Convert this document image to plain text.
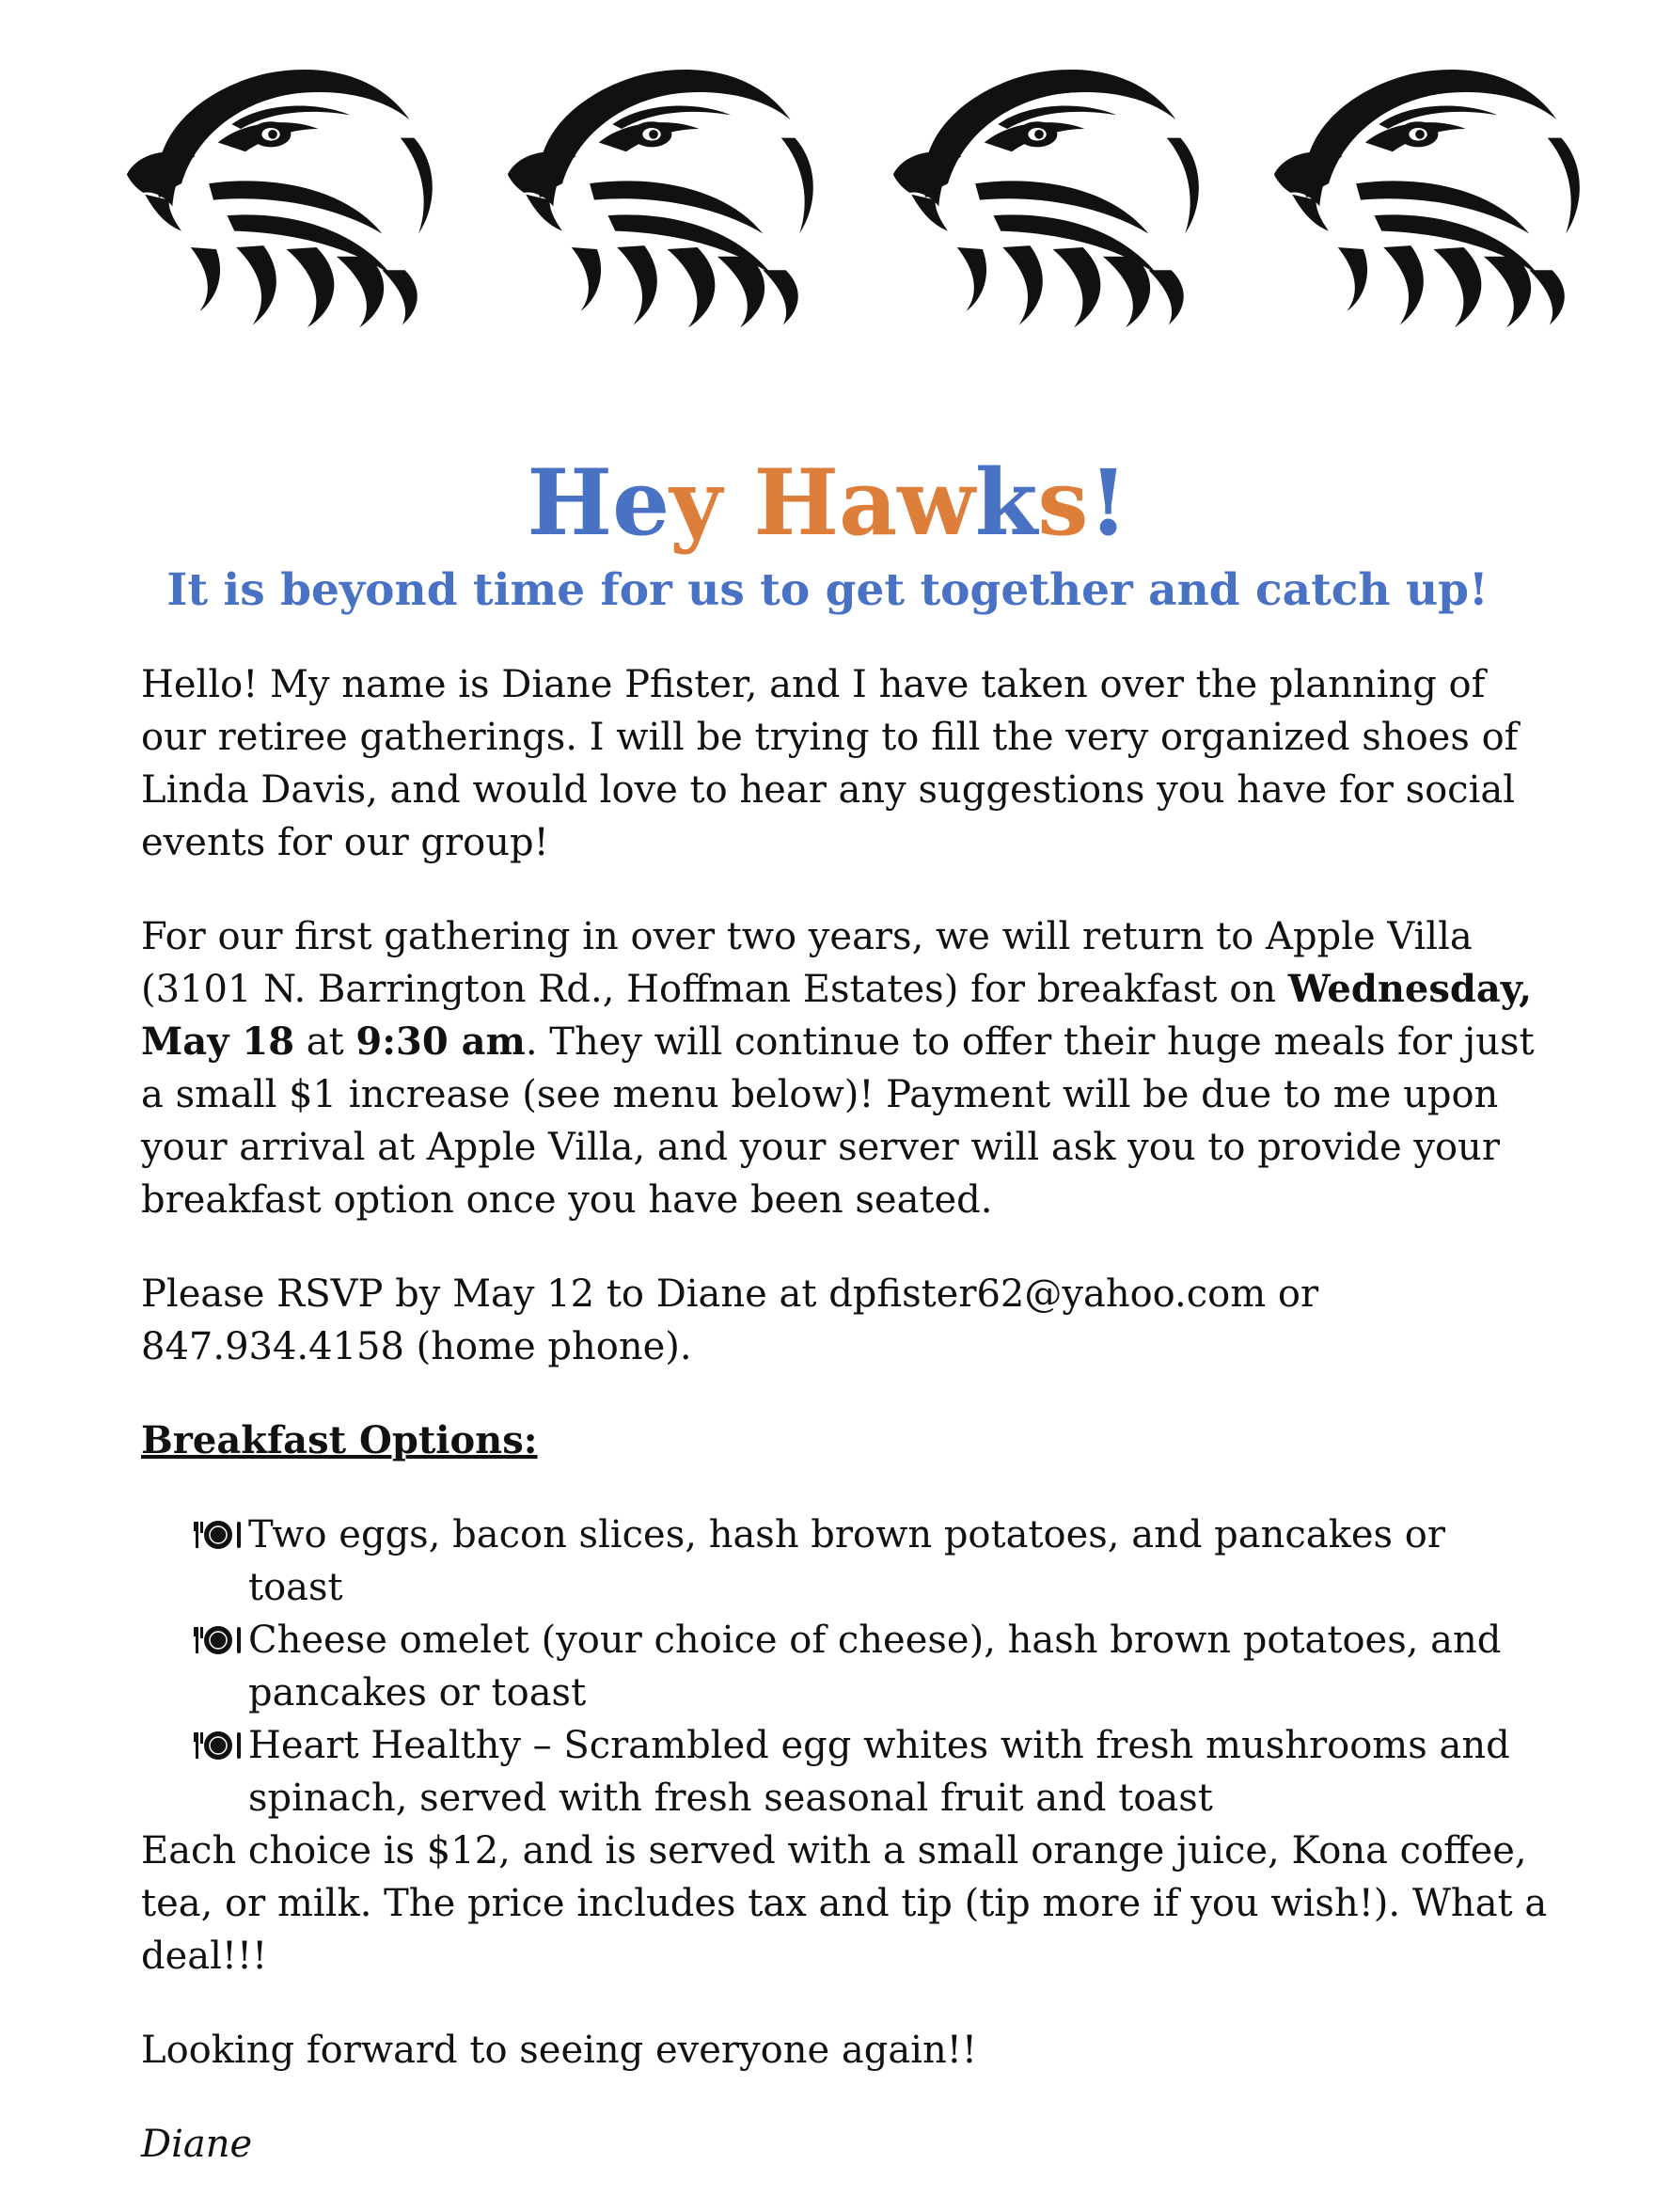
Hey Hawks!
It is beyond time for us to get together and catch up!

Hello! My name is Diane Pfister, and I have taken over the planning of our retiree gatherings. I will be trying to fill the very organized shoes of Linda Davis, and would love to hear any suggestions you have for social events for our group!

For our first gathering in over two years, we will return to Apple Villa (3101 N. Barrington Rd., Hoffman Estates) for breakfast on Wednesday, May 18 at 9:30 am. They will continue to offer their huge meals for just a small $1 increase (see menu below)! Payment will be due to me upon your arrival at Apple Villa, and your server will ask you to provide your breakfast option once you have been seated.

Please RSVP by May 12 to Diane at dpfister62@yahoo.com or 847.934.4158 (home phone).

Breakfast Options:

Two eggs, bacon slices, hash brown potatoes, and pancakes or toast
Cheese omelet (your choice of cheese), hash brown potatoes, and pancakes or toast
Heart Healthy – Scrambled egg whites with fresh mushrooms and spinach, served with fresh seasonal fruit and toast

Each choice is $12, and is served with a small orange juice, Kona coffee, tea, or milk. The price includes tax and tip (tip more if you wish!). What a deal!!!

Looking forward to seeing everyone again!!

Diane
